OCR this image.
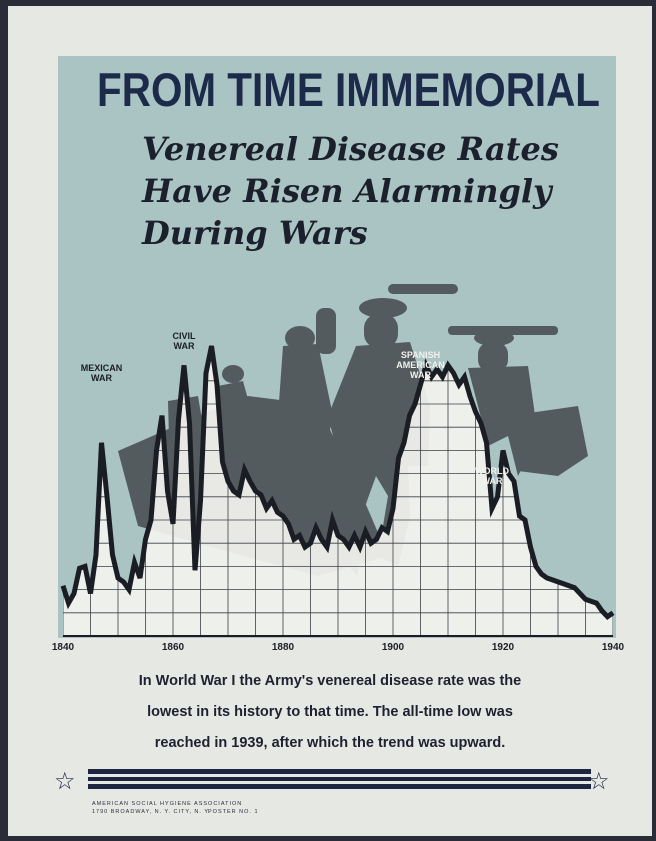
MEXICAN WAR
CIVIL WAR
SPANISH AMERICAN WAR
WORLD WAR
FROM TIME IMMEMORIAL
Venereal Disease Rates
Have Risen Alarmingly
During Wars
1840	1860	1880	1900	1920	1940
In World War I the Army's venereal disease rate was the
lowest in its history to that time. The all-time low was
reached in 1939, after which the trend was upward.
☆	☆
AMERICAN SOCIAL HYGIENE ASSOCIATION
1790 BROADWAY, N. Y. CITY, N. Y.
POSTER NO. 1
